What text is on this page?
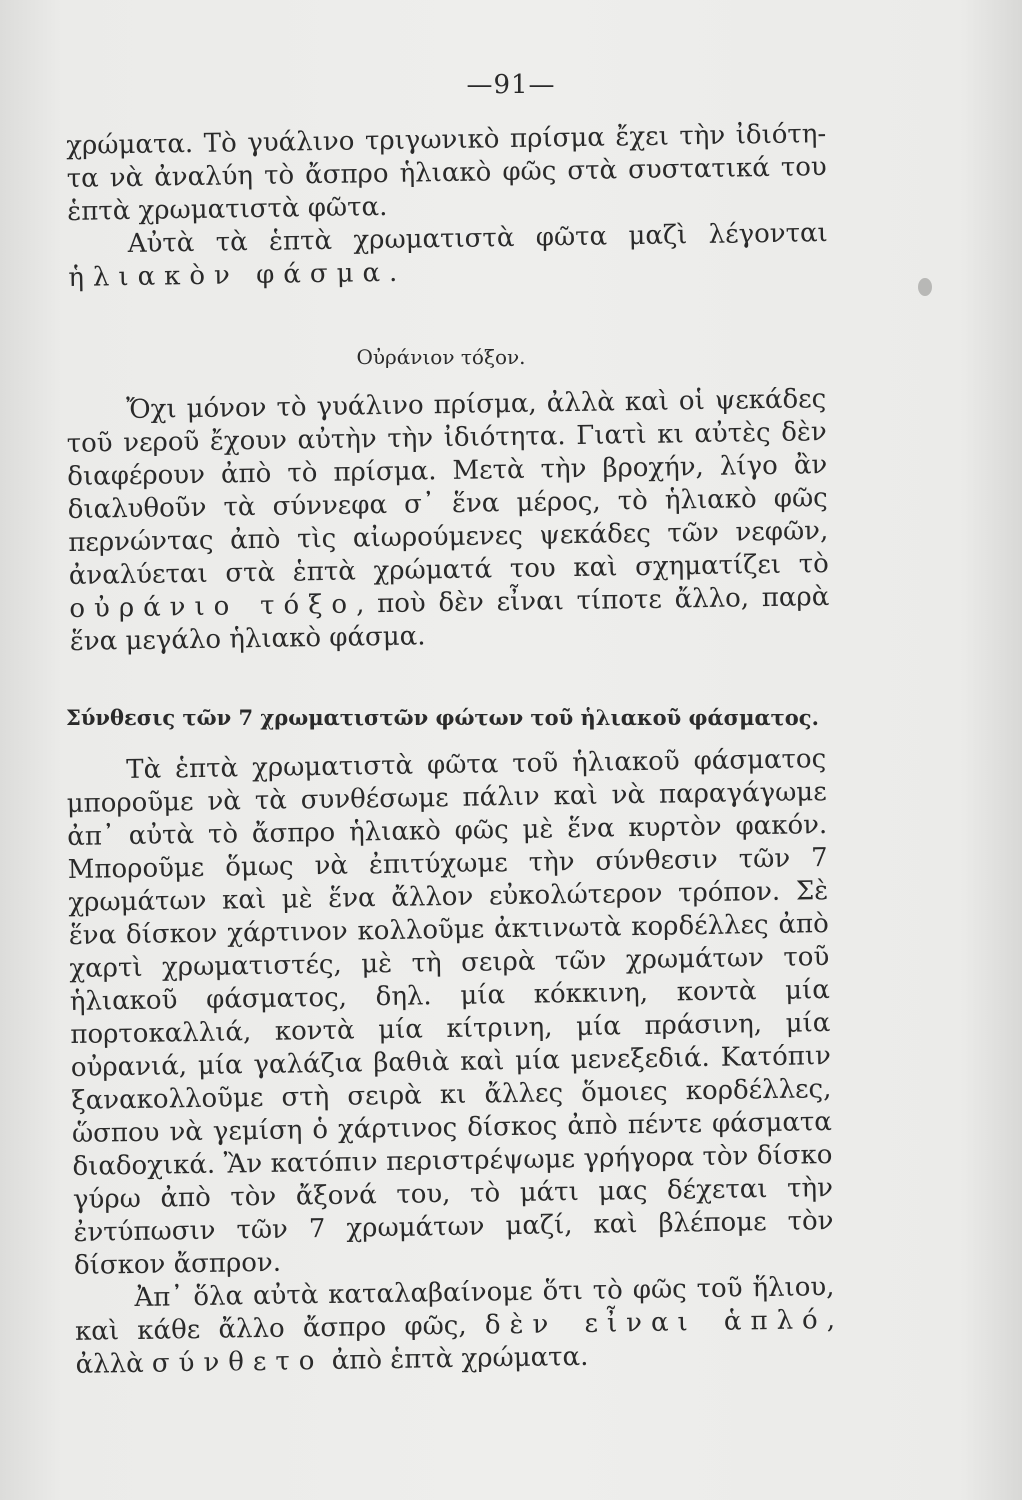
—91—
χρώματα. Τὸ γυάλινο τριγωνικὸ πρίσμα ἔχει τὴν ἰδιότη-τα νὰ ἀναλύη τὸ ἄσπρο ἡλιακὸ φῶς στὰ συστατικά του ἑπτὰ χρωματιστὰ φῶτα.
Αὐτὰ τὰ ἑπτὰ χρωματιστὰ φῶτα μαζὶ λέγονται ἡλιακὸν φάσμα.
Οὐράνιον τόξον.

Ὄχι μόνον τὸ γυάλινο πρίσμα, ἀλλὰ καὶ οἱ ψεκάδες τοῦ νεροῦ ἔχουν αὐτὴν τὴν ἰδιότητα. Γιατὶ κι αὐτὲς δὲν διαφέρουν ἀπὸ τὸ πρίσμα. Μετὰ τὴν βροχήν, λίγο ἂν διαλυθοῦν τὰ σύννεφα σ᾽ ἕνα μέρος, τὸ ἡλιακὸ φῶς περνώντας ἀπὸ τὶς αἰωρούμενες ψεκάδες τῶν νεφῶν, ἀναλύεται στὰ ἑπτὰ χρώματά του καὶ σχηματίζει τὸ οὐράνιο τόξο, ποὺ δὲν εἶναι τίποτε ἄλλο, παρὰ ἕνα μεγάλο ἡλιακὸ φάσμα.

Σύνθεσις τῶν 7 χρωματιστῶν φώτων τοῦ ἡλιακοῦ φάσματος.

Τὰ ἑπτὰ χρωματιστὰ φῶτα τοῦ ἡλιακοῦ φάσματος μποροῦμε νὰ τὰ συνθέσωμε πάλιν καὶ νὰ παραγάγωμε ἀπ᾽ αὐτὰ τὸ ἄσπρο ἡλιακὸ φῶς μὲ ἕνα κυρτὸν φακόν. Μποροῦμε ὅμως νὰ ἐπιτύχωμε τὴν σύνθεσιν τῶν 7 χρωμάτων καὶ μὲ ἕνα ἄλλον εὐκολώτερον τρόπον. Σὲ ἕνα δίσκον χάρτινον κολλοῦμε ἀκτινωτὰ κορδέλλες ἀπὸ χαρτὶ χρωματιστές, μὲ τὴ σειρὰ τῶν χρωμάτων τοῦ ἡλιακοῦ φάσματος, δηλ. μία κόκκινη, κοντὰ μία πορτοκαλλιά, κοντὰ μία κίτρινη, μία πράσινη, μία οὐρανιά, μία γαλάζια βαθιὰ καὶ μία μενεξεδιά. Κατόπιν ξανακολλοῦμε στὴ σειρὰ κι ἄλλες ὅμοιες κορδέλλες, ὥσπου νὰ γεμίση ὁ χάρτινος δίσκος ἀπὸ πέντε φάσματα διαδοχικά. Ἂν κατόπιν περιστρέψωμε γρήγορα τὸν δίσκο γύρω ἀπὸ τὸν ἄξονά του, τὸ μάτι μας δέχεται τὴν ἐντύπωσιν τῶν 7 χρωμάτων μαζί, καὶ βλέπομε τὸν δίσκον ἄσπρον.

Ἀπ᾽ ὅλα αὐτὰ καταλαβαίνομε ὅτι τὸ φῶς τοῦ ἥλιου, καὶ κάθε ἄλλο ἄσπρο φῶς, δὲν εἶναι ἁπλό, ἀλλὰ σύνθετο ἀπὸ ἑπτὰ χρώματα.
